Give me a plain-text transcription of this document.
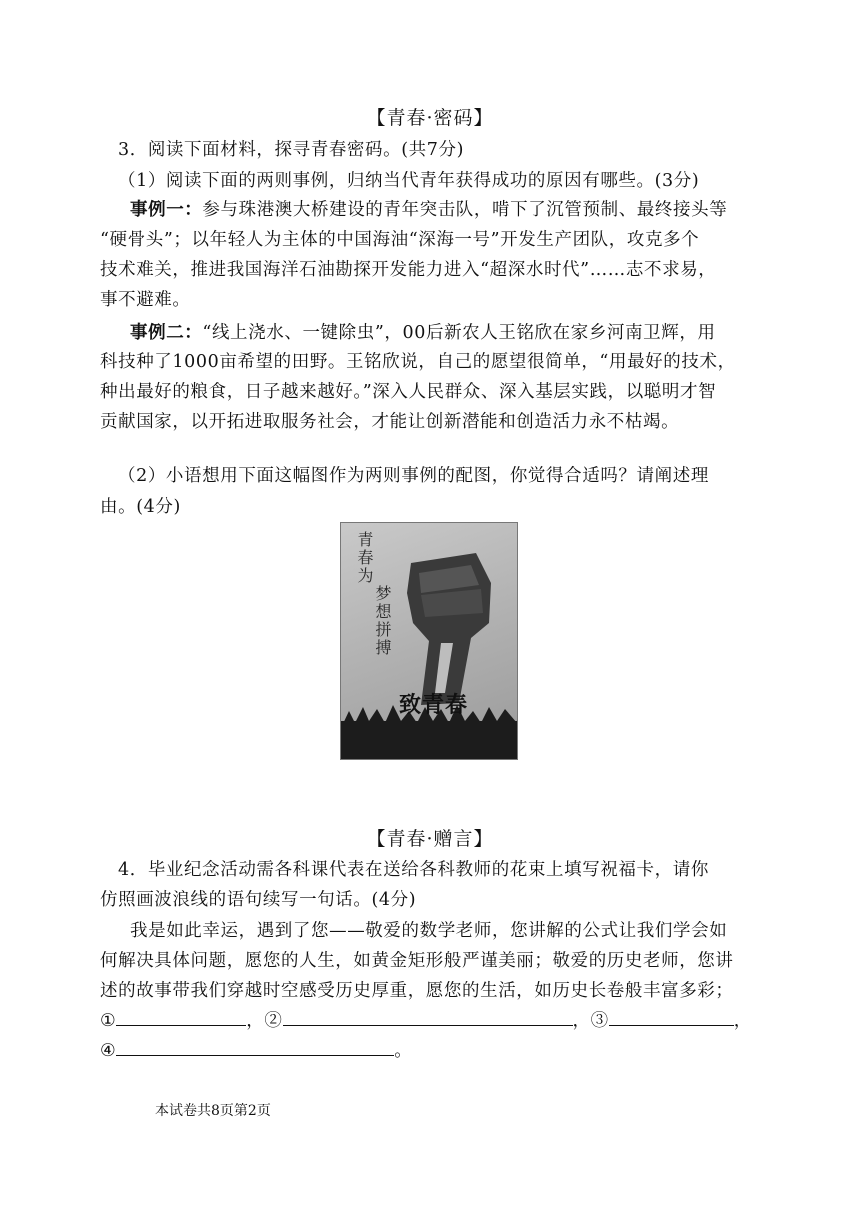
【青春·密码】
3．阅读下面材料，探寻青春密码。(共7分)
（1）阅读下面的两则事例，归纳当代青年获得成功的原因有哪些。(3分)
事例一：参与珠港澳大桥建设的青年突击队，啃下了沉管预制、最终接头等
“硬骨头”；以年轻人为主体的中国海油“深海一号”开发生产团队，攻克多个
技术难关，推进我国海洋石油勘探开发能力进入“超深水时代”……志不求易，
事不避难。
事例二：“线上浇水、一键除虫”，00后新农人王铭欣在家乡河南卫辉，用
科技种了1000亩希望的田野。王铭欣说，自己的愿望很简单，“用最好的技术，
种出最好的粮食，日子越来越好。”深入人民群众、深入基层实践，以聪明才智
贡献国家，以开拓进取服务社会，才能让创新潜能和创造活力永不枯竭。
（2）小语想用下面这幅图作为两则事例的配图，你觉得合适吗？请阐述理
由。(4分)
青春为
梦想拼搏
致青春
【青春·赠言】
4．毕业纪念活动需各科课代表在送给各科教师的花束上填写祝福卡，请你
仿照画波浪线的语句续写一句话。(4分)
我是如此幸运，遇到了您——敬爱的数学老师，您讲解的公式让我们学会如
何解决具体问题，愿您的人生，如黄金矩形般严谨美丽；敬爱的历史老师，您讲
述的故事带我们穿越时空感受历史厚重，愿您的生活，如历史长卷般丰富多彩；
①	，②	，③	，
④	。
本试卷共8页第2页
